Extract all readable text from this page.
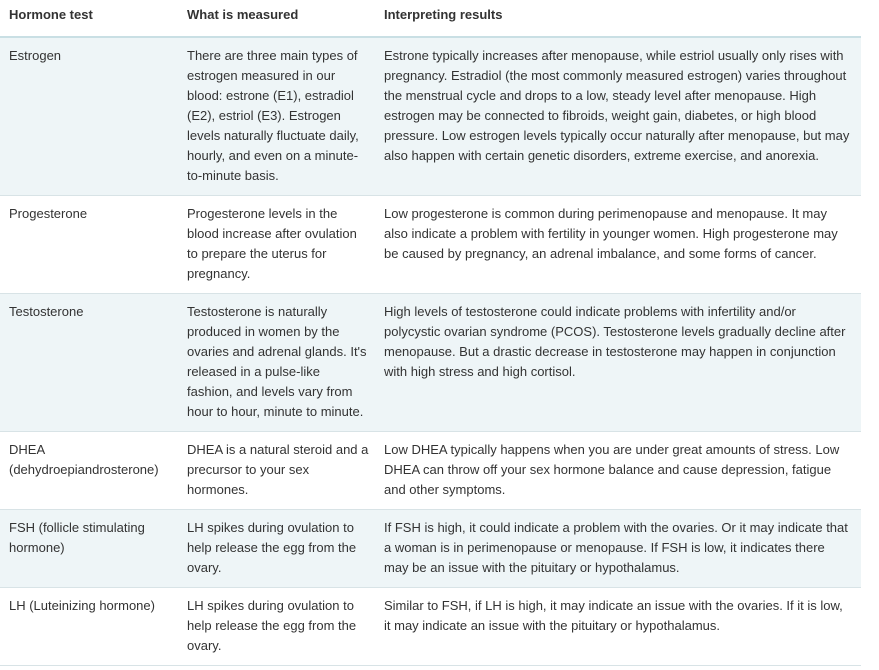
Hormone test	What is measured	Interpreting results
Estrogen	There are three main types of estrogen measured in our blood: estrone (E1), estradiol (E2), estriol (E3). Estrogen levels naturally fluctuate daily, hourly, and even on a minute-to-minute basis.	Estrone typically increases after menopause, while estriol usually only rises with pregnancy. Estradiol (the most commonly measured estrogen) varies throughout the menstrual cycle and drops to a low, steady level after menopause. High estrogen may be connected to fibroids, weight gain, diabetes, or high blood pressure. Low estrogen levels typically occur naturally after menopause, but may also happen with certain genetic disorders, extreme exercise, and anorexia.
Progesterone	Progesterone levels in the blood increase after ovulation to prepare the uterus for pregnancy.	Low progesterone is common during perimenopause and menopause. It may also indicate a problem with fertility in younger women. High progesterone may be caused by pregnancy, an adrenal imbalance, and some forms of cancer.
Testosterone	Testosterone is naturally produced in women by the ovaries and adrenal glands. It's released in a pulse-like fashion, and levels vary from hour to hour, minute to minute.	High levels of testosterone could indicate problems with infertility and/or polycystic ovarian syndrome (PCOS). Testosterone levels gradually decline after menopause. But a drastic decrease in testosterone may happen in conjunction with high stress and high cortisol.
DHEA (dehydroepiandrosterone)	DHEA is a natural steroid and a precursor to your sex hormones.	Low DHEA typically happens when you are under great amounts of stress. Low DHEA can throw off your sex hormone balance and cause depression, fatigue and other symptoms.
FSH (follicle stimulating hormone)	LH spikes during ovulation to help release the egg from the ovary.	If FSH is high, it could indicate a problem with the ovaries. Or it may indicate that a woman is in perimenopause or menopause. If FSH is low, it indicates there may be an issue with the pituitary or hypothalamus.
LH (Luteinizing hormone)	LH spikes during ovulation to help release the egg from the ovary.	Similar to FSH, if LH is high, it may indicate an issue with the ovaries. If it is low, it may indicate an issue with the pituitary or hypothalamus.
